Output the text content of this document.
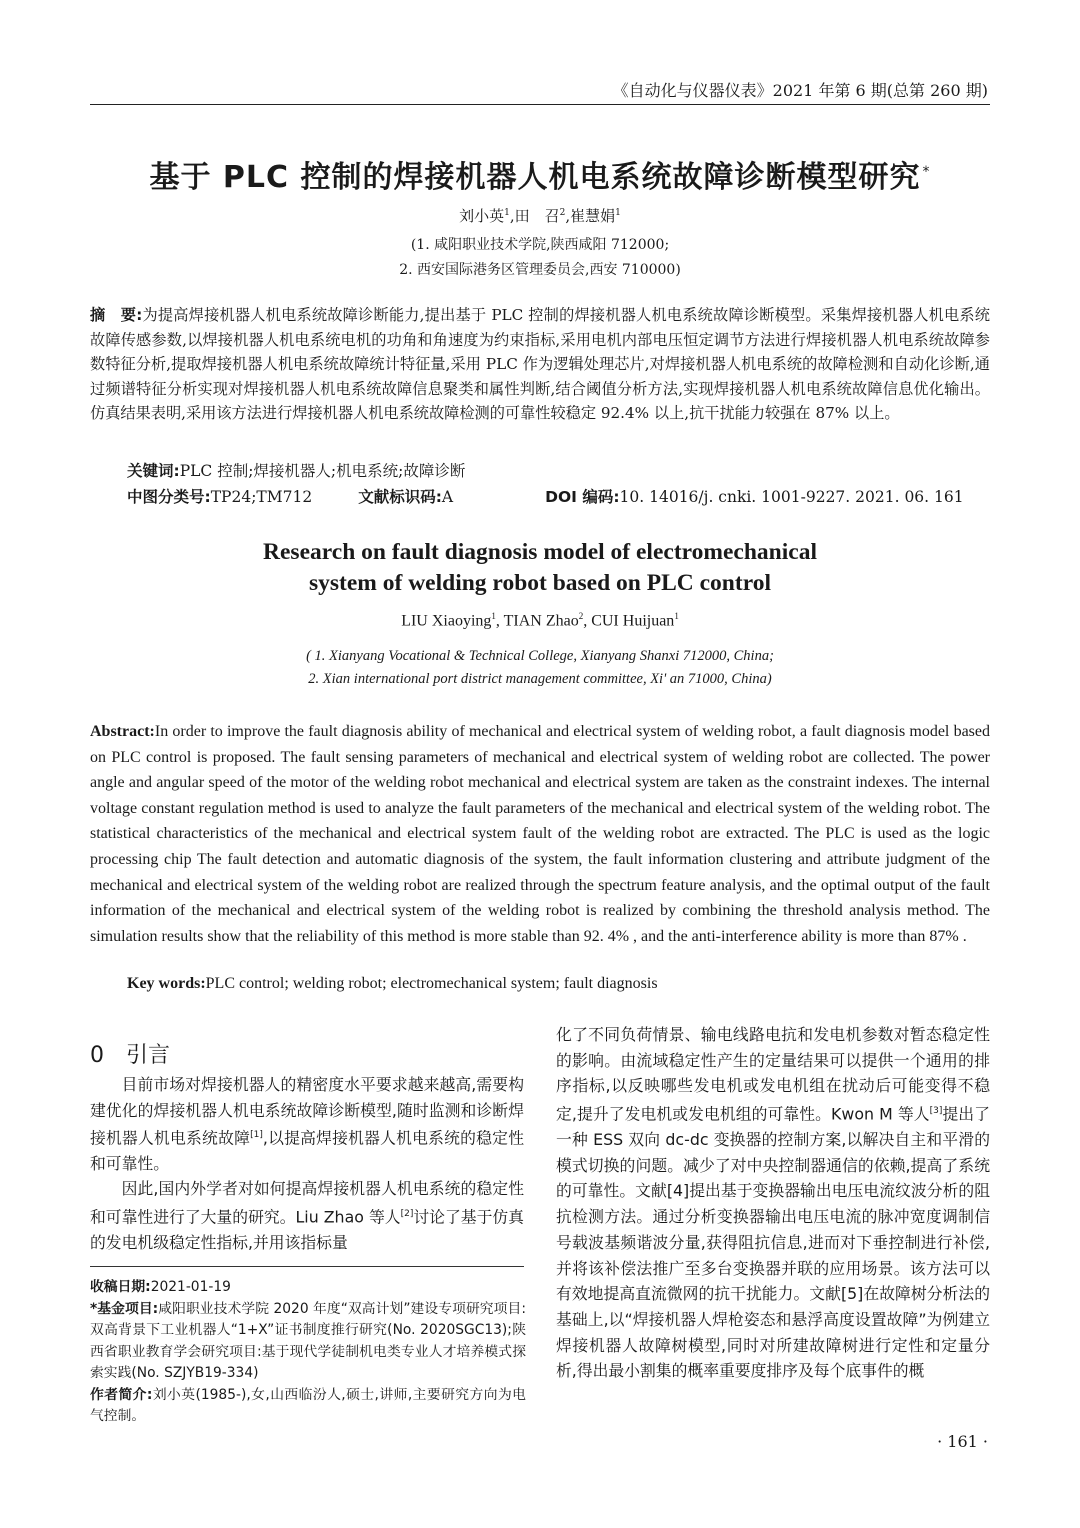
《自动化与仪器仪表》2021 年第 6 期(总第 260 期)
基于 PLC 控制的焊接机器人机电系统故障诊断模型研究 *
刘小英$^1$,田　召$^2$,崔慧娟$^1$
(1. 咸阳职业技术学院,陕西咸阳 712000;
2. 西安国际港务区管理委员会,西安 710000)
摘　要:为提高焊接机器人机电系统故障诊断能力,提出基于 PLC 控制的焊接机器人机电系统故障诊断模型。采集焊接机器人机电系统故障传感参数,以焊接机器人机电系统电机的功角和角速度为约束指标,采用电机内部电压恒定调节方法进行焊接机器人机电系统故障参数特征分析,提取焊接机器人机电系统故障统计特征量,采用 PLC 作为逻辑处理芯片,对焊接机器人机电系统的故障检测和自动化诊断,通过频谱特征分析实现对焊接机器人机电系统故障信息聚类和属性判断,结合阈值分析方法,实现焊接机器人机电系统故障信息优化输出。仿真结果表明,采用该方法进行焊接机器人机电系统故障检测的可靠性较稳定 92.4% 以上,抗干扰能力较强在 87% 以上。
关键词:PLC 控制;焊接机器人;机电系统;故障诊断
中图分类号:TP24;TM712	文献标识码:A	DOI 编码:10. 14016/j. cnki. 1001-9227. 2021. 06. 161
Research on fault diagnosis model of electromechanical
system of welding robot based on PLC control
LIU Xiaoying$^1$, TIAN Zhao$^2$, CUI Huijuan$^1$
( 1. Xianyang Vocational & Technical College, Xianyang Shanxi 712000, China;
2. Xian international port district management committee, Xi' an 71000, China)
Abstract:In order to improve the fault diagnosis ability of mechanical and electrical system of welding robot, a fault diagnosis model based on PLC control is proposed. The fault sensing parameters of mechanical and electrical system of welding robot are collected. The power angle and angular speed of the motor of the welding robot mechanical and electrical system are taken as the constraint indexes. The internal voltage constant regulation method is used to analyze the fault parameters of the mechanical and electrical system of the welding robot. The statistical characteristics of the mechanical and electrical system fault of the welding robot are extracted. The PLC is used as the logic processing chip The fault detection and automatic diagnosis of the system, the fault information clustering and attribute judgment of the mechanical and electrical system of the welding robot are realized through the spectrum feature analysis, and the optimal output of the fault information of the mechanical and electrical system of the welding robot is realized by combining the threshold analysis method. The simulation results show that the reliability of this method is more stable than 92. 4% , and the anti-interference ability is more than 87% .
Key words:PLC control; welding robot; electromechanical system; fault diagnosis
0 引言

目前市场对焊接机器人的精密度水平要求越来越高,需要构建优化的焊接机器人机电系统故障诊断模型,随时监测和诊断焊接机器人机电系统故障[1],以提高焊接机器人机电系统的稳定性和可靠性。

因此,国内外学者对如何提高焊接机器人机电系统的稳定性和可靠性进行了大量的研究。Liu Zhao 等人[2]讨论了基于仿真的发电机级稳定性指标,并用该指标量

化了不同负荷情景、输电线路电抗和发电机参数对暂态稳定性的影响。由流域稳定性产生的定量结果可以提供一个通用的排序指标,以反映哪些发电机或发电机组在扰动后可能变得不稳定,提升了发电机或发电机组的可靠性。Kwon M 等人[3]提出了一种 ESS 双向 dc-dc 变换器的控制方案,以解决自主和平滑的模式切换的问题。减少了对中央控制器通信的依赖,提高了系统的可靠性。文献[4]提出基于变换器输出电压电流纹波分析的阻抗检测方法。通过分析变换器输出电压电流的脉冲宽度调制信号载波基频谐波分量,获得阻抗信息,进而对下垂控制进行补偿,并将该补偿法推广至多台变换器并联的应用场景。该方法可以有效地提高直流微网的抗干扰能力。文献[5]在故障树分析法的基础上,以“焊接机器人焊枪姿态和悬浮高度设置故障”为例建立焊接机器人故障树模型,同时对所建故障树进行定性和定量分析,得出最小割集的概率重要度排序及每个底事件的概

收稿日期:2021-01-19

*基金项目:咸阳职业技术学院 2020 年度“双高计划”建设专项研究项目:双高背景下工业机器人“1+X”证书制度推行研究(No. 2020SGC13);陕西省职业教育学会研究项目:基于现代学徒制机电类专业人才培养模式探索实践(No. SZJYB19-334)

作者简介:刘小英(1985-),女,山西临汾人,硕士,讲师,主要研究方向为电气控制。

· 161 ·
